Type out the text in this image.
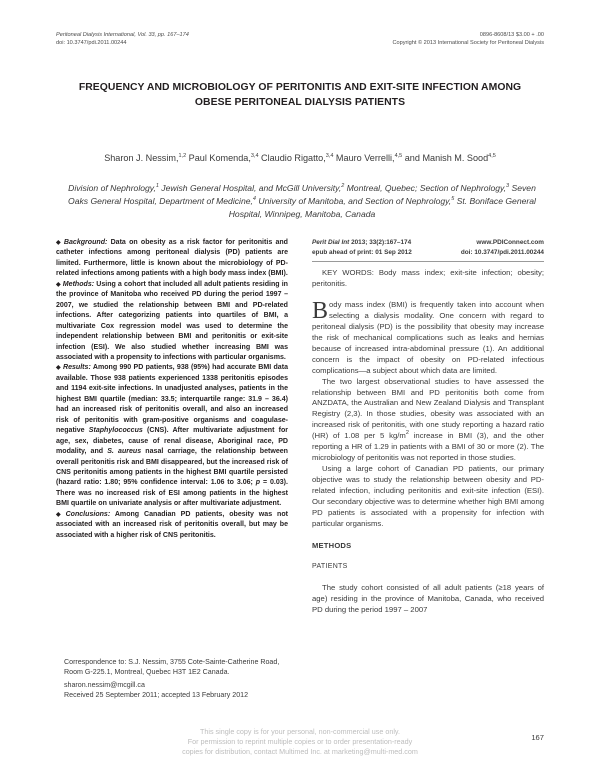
Peritoneal Dialysis International, Vol. 33, pp. 167–174
doi: 10.3747/pdi.2011.00244
0896-8608/13 $3.00 + .00
Copyright © 2013 International Society for Peritoneal Dialysis
FREQUENCY AND MICROBIOLOGY OF PERITONITIS AND EXIT-SITE INFECTION AMONG
OBESE PERITONEAL DIALYSIS PATIENTS
Sharon J. Nessim,$^{1,2}$ Paul Komenda,$^{3,4}$ Claudio Rigatto,$^{3,4}$ Mauro Verrelli,$^{4,5}$ and Manish M. Sood$^{4,5}$
Division of Nephrology,$^1$ Jewish General Hospital, and McGill University,$^2$ Montreal, Quebec; Section of Nephrology,$^3$ Seven Oaks General Hospital, Department of Medicine,$^4$ University of Manitoba, and Section of Nephrology,$^5$ St. Boniface General Hospital, Winnipeg, Manitoba, Canada

◆ Background: Data on obesity as a risk factor for peritonitis and catheter infections among peritoneal dialysis (PD) patients are limited. Furthermore, little is known about the microbiology of PD-related infections among patients with a high body mass index (BMI).

◆ Methods: Using a cohort that included all adult patients residing in the province of Manitoba who received PD during the period 1997 – 2007, we studied the relationship between BMI and PD-related infections. After categorizing patients into quartiles of BMI, a multivariate Cox regression model was used to determine the independent relationship between BMI and peritonitis or exit-site infection (ESI). We also studied whether increasing BMI was associated with a propensity to infections with particular organisms.

◆ Results: Among 990 PD patients, 938 (95%) had accurate BMI data available. Those 938 patients experienced 1338 peritonitis episodes and 1194 exit-site infections. In unadjusted analyses, patients in the highest BMI quartile (median: 33.5; interquartile range: 31.9 – 36.4) had an increased risk of peritonitis overall, and also an increased risk of peritonitis with gram-positive organisms and coagulase-negative Staphylococcus (CNS). After multivariate adjustment for age, sex, diabetes, cause of renal disease, Aboriginal race, PD modality, and S. aureus nasal carriage, the relationship between overall peritonitis risk and BMI disappeared, but the increased risk of CNS peritonitis among patients in the highest BMI quartile persisted (hazard ratio: 1.80; 95% confidence interval: 1.06 to 3.06; p = 0.03). There was no increased risk of ESI among patients in the highest BMI quartile on univariate analysis or after multivariate adjustment.

◆ Conclusions: Among Canadian PD patients, obesity was not associated with an increased risk of peritonitis overall, but may be associated with a higher risk of CNS peritonitis.

Correspondence to: S.J. Nessim, 3755 Cote-Sainte-Catherine Road, Room G-225.1, Montreal, Quebec H3T 1E2 Canada.

sharon.nessim@mcgill.ca

Received 25 September 2011; accepted 13 February 2012

Perit Dial Int 2013; 33(2):167–174	www.PDIConnect.com
epub ahead of print: 01 Sep 2012	doi: 10.3747/pdi.2011.00244

KEY WORDS: Body mass index; exit-site infection; obesity; peritonitis.

Body mass index (BMI) is frequently taken into account when selecting a dialysis modality. One concern with regard to peritoneal dialysis (PD) is the possibility that obesity may increase the risk of mechanical complications such as leaks and hernias because of increased intra-abdominal pressure (1). An additional concern is the impact of obesity on PD-related infectious complications—a subject about which data are limited.

The two largest observational studies to have assessed the relationship between BMI and PD peritonitis both come from ANZDATA, the Australian and New Zealand Dialysis and Transplant Registry (2,3). In those studies, obesity was associated with an increased risk of peritonitis, with one study reporting a hazard ratio (HR) of 1.08 per 5 $kg/m^2$ increase in BMI (3), and the other reporting a HR of 1.29 in patients with a BMI of 30 or more (2). The microbiology of peritonitis was not reported in those studies.

Using a large cohort of Canadian PD patients, our primary objective was to study the relationship between obesity and PD-related infection, including peritonitis and exit-site infection (ESI). Our secondary objective was to determine whether high BMI among PD patients is associated with a propensity for infection with particular organisms.

METHODS

PATIENTS

The study cohort consisted of all adult patients (≥18 years of age) residing in the province of Manitoba, Canada, who received PD during the period 1997 – 2007

This single copy is for your personal, non-commercial use only.
For permission to reprint multiple copies or to order presentation-ready
copies for distribution, contact Multimed Inc. at marketing@multi-med.com
167
